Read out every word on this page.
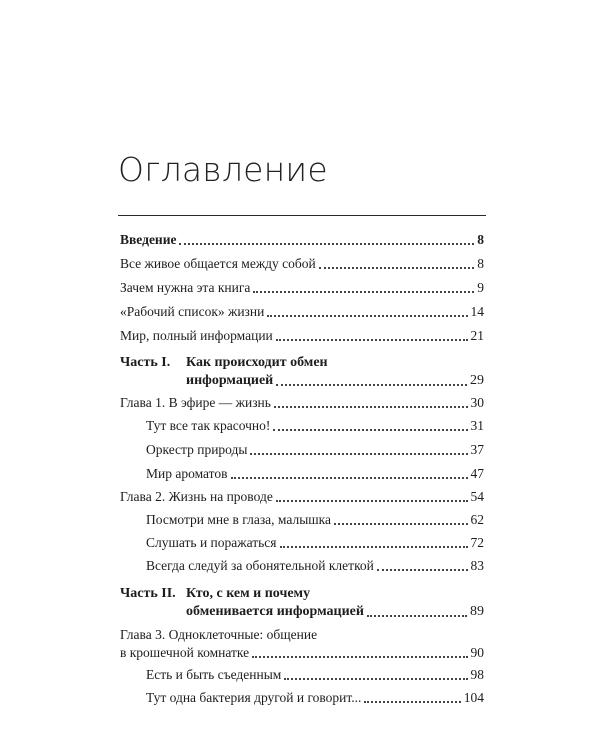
Оглавление
Введение	8
Все живое общается между собой	8
Зачем нужна эта книга	9
«Рабочий список» жизни	14
Мир, полный информации	21
Часть I. Как происходит обмен
информацией	29
Глава 1. В эфире — жизнь	30
Тут все так красочно!	31
Оркестр природы	37
Мир ароматов	47
Глава 2. Жизнь на проводе	54
Посмотри мне в глаза, малышка	62
Слушать и поражаться	72
Всегда следуй за обонятельной клеткой	83
Часть II. Кто, с кем и почему
обменивается информацией	89
Глава 3. Одноклеточные: общение
в крошечной комнатке	90
Есть и быть съеденным	98
Тут одна бактерия другой и говорит...	104
